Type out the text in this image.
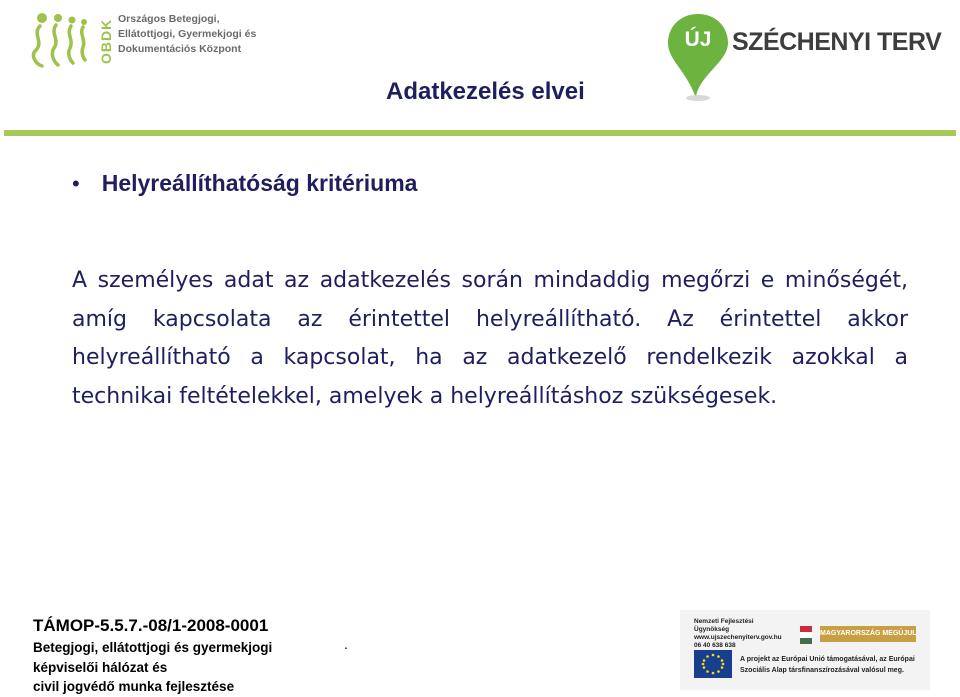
OBDK Országos Betegjogi,
Ellátottjogi, Gyermekjogi és
Dokumentációs Központ	ÚJ SZÉCHENYI TERV
Adatkezelés elvei
• Helyreállíthatóság kritériuma
A személyes adat az adatkezelés során mindaddig megőrzi e minőségét, amíg kapcsolata az érintettel helyreállítható. Az érintettel akkor helyreállítható a kapcsolat, ha az adatkezelő rendelkezik azokkal a technikai feltételekkel, amelyek a helyreállításhoz szükségesek.
TÁMOP-5.5.7.-08/1-2008-0001
Betegjogi, ellátottjogi és gyermekjogi
képviselői hálózat és
civil jogvédő munka fejlesztése
.
Nemzeti Fejlesztési Ügynökség
www.ujszechenyiterv.gov.hu
06 40 638 638
MAGYARORSZÁG MEGÚJUL
A projekt az Európai Unió támogatásával, az Európai
Szociális Alap társfinanszírozásával valósul meg.
